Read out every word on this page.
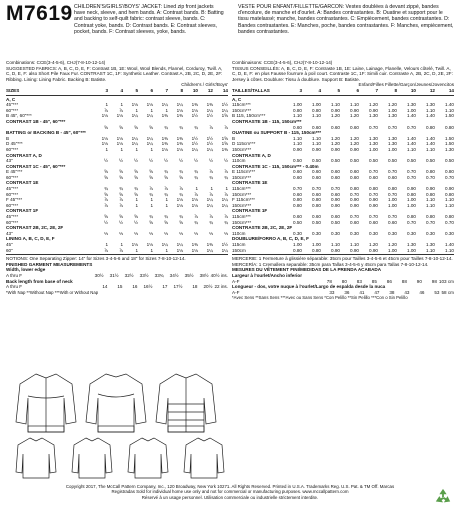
M7619 CHILDREN'S/GIRLS'/BOYS' JACKET: Lined zip front jackets have neck, sleeve, and hem bands. A: Contrast bands. B: Batting and backing to self-quilt fabric: contrast sleeve, bands. C: Contrast yoke, bands. D: Contrast bands. E: Contrast sleeves, pocket, bands. F: Contrast sleeves, yoke, bands.
VESTE POUR ENFANT/FILLETTE/GARCON: Vestes doublées à devant zippé, bandes d'encolure, de manche et d'ourlet. A: Bandes contrastantes. B: Ouatine et support pour le tissu matelassé; manche, bandes contrastantes. C: Empiècement, bandes contrastantes. D: Bandes contrastantes. E: Manches, poche, bandes contrastantes. F: Manches, empiècement, bandes contrastantes.
Combinations: CCE(3-4-5-6), CHJ(7-8-10-12-14)
SUGGESTED FABRICS: A, B, C, D, E, F: Contrast 1B, 1E: Wool, Wool Blends, Flannel, Corduroy, Twill. A, C, D, E, F: also Short Pile Faux Fur. CONTRAST 1C, 1F: Synthetic Leather. Contrast A, 2B, 2C, D, 2E, 2F: Ribbing. Lining: Lining Fabric. Backing B: Batiste.

Children's / Girls'/Boys'
SIZES	3	4	5	6	7	8	10	12	14
A, C
45"***	1	1	1⅛	1⅛	1¼	1¼	1⅜	1⅜	1½
60"***	⅞	⅞	1	1	1	1⅛	1⅛	1¼	1¼
B 45", 60"***	1⅛	1⅛	1¼	1¼	1⅜	1⅜	1½	1½	1⅝
CONTRAST 1B - 45", 60"***
⅝	⅝	⅝	⅝	¾	¾	¾	⅞	⅞
BATTING or BACKING B - 45", 60"***
B	1⅛	1⅛	1¼	1¼	1⅜	1⅜	1½	1½	1⅝
D 45"***	1⅛	1⅛	1¼	1¼	1⅜	1⅜	1½	1½	1⅝
60"***	1	1	1	1	1⅛	1⅛	1¼	1¼	1⅜
CONTRAST A, D
43"	½	½	½	½	½	½	½	½	½
CONTRAST 1C - 45", 60"***
E 45"***	⅝	⅝	⅝	⅝	¾	¾	¾	⅞	⅞
60"***	⅝	⅝	⅝	⅝	⅝	⅝	¾	¾	¾
CONTRAST 1E
45"***	¾	¾	¾	⅞	⅞	⅞	1	1	1
60"***	⅝	⅝	⅝	¾	¾	¾	⅞	⅞	⅞
F 45"***	⅞	⅞	1	1	1	1⅛	1⅛	1¼	1¼
60"***	⅞	⅞	1	1	1	1⅛	1⅛	1¼	1¼
CONTRAST 1F
45"***	⅝	⅝	⅝	¾	¾	¾	⅞	⅞	⅞
60"***	½	½	½	⅝	⅝	⅝	¾	¾	¾
CONTRAST 2B, 2C, 2E, 2F
43"	⅓	⅓	⅓	⅓	⅓	⅓	⅓	⅓	⅓
LINING A, B, C, D, E, F
45"	1	1	1⅛	1⅛	1¼	1¼	1⅜	1⅜	1½
60"	⅞	⅞	1	1	1	1⅛	1⅛	1¼	1¼
NOTIONS: One Separating Zipper: 14" for Sizes 3-4-5-6 and 18" for Sizes 7-8-10-12-14.
FINISHED GARMENT MEASUREMENTS
Width, lower edge
A thru F	30½	31½	32½	33½	33¾	34½	35½	38½ 40½ ins.
Back length from base of neck
A thru F	14	15	16	16½	17	17½	18	20½ 22 ins.
*With Nap **Without Nap ***With or Without Nap
Combinaisons: CCE(3-4-5-6), CHJ(7-8-10-12-14)
TISSUS CONSEILLÉS: A, B, C, D, E, F: Contraste 1B, 1E: Laine, Lainage, Flanelle, Velours côtelé, Twill. A, C, D, E, F: en plus Fausse fourrure à poil court. Contraste 1C, 1F: Simili cuir. Contraste A, 2B, 2C, D, 2E, 2F: Jersey à côtes. Doublure: Tissu à doublure. Support B: Batiste.

Enfant/Filles Fillette/Garçon/Jeunes/Jovencitos
TAILLES/TALLAS	3	4	5	6	7	8	10	12	14
A, C
115cm***	1.00	1.00	1.10	1.10	1.20	1.20	1.30	1.30	1.40
150cm***	0.80	0.80	0.90	0.90	0.90	1.00	1.00	1.10	1.10
B 115, 150cm***	1.10	1.10	1.20	1.20	1.30	1.30	1.40	1.40	1.50
CONTRASTE 1B - 115, 150cm***
0.60	0.60	0.60	0.60	0.70	0.70	0.70	0.80	0.80
OUATINE ou SUPPORT B - 115, 150cm***
B	1.10	1.10	1.20	1.20	1.30	1.30	1.40	1.40	1.50
D 115cm***	1.10	1.10	1.20	1.20	1.30	1.30	1.40	1.40	1.50
150cm***	0.90	0.90	0.90	0.90	1.00	1.00	1.10	1.10	1.30
CONTRASTE A, D
110cm	0.50	0.50	0.50	0.50	0.50	0.50	0.50	0.50	0.50
CONTRASTE 1C - 115, 150cm*** - 0.40m
E 115cm***	0.60	0.60	0.60	0.60	0.70	0.70	0.70	0.80	0.80
150cm***	0.60	0.60	0.60	0.60	0.60	0.60	0.70	0.70	0.70
CONTRASTE 1E
115cm***	0.70	0.70	0.70	0.80	0.80	0.80	0.90	0.90	0.90
150cm***	0.60	0.60	0.60	0.70	0.70	0.70	0.80	0.80	0.80
F 115cm***	0.80	0.80	0.90	0.90	0.90	1.00	1.00	1.10	1.10
150cm***	0.80	0.80	0.90	0.90	0.90	1.00	1.00	1.10	1.10
CONTRASTE 1F
115cm***	0.60	0.60	0.60	0.70	0.70	0.70	0.80	0.80	0.80
150cm***	0.50	0.50	0.50	0.60	0.60	0.60	0.70	0.70	0.70
CONTRASTE 2B, 2C, 2E, 2F
110cm	0.30	0.30	0.30	0.30	0.30	0.30	0.30	0.30	0.30
DOUBLURE/FORRO A, B, C, D, E, F
115cm	1.00	1.00	1.10	1.10	1.20	1.20	1.30	1.30	1.40
150cm	0.80	0.80	0.90	0.90	0.90	1.00	1.00	1.10	1.10
MERCERIE: 1 Fermeture à glissière séparable: 35cm pour Tailles 3-4-5-6 et 45cm pour Tailles 7-8-10-12-14.
MERCERÍA: 1 Cremallera separable: 35cm para Tallas 3-4-5-6 y 45cm para Tallas 7-8-10-12-14.
MESURES DU VÊTEMENT FINI/MEDIDAS DE LA PRENDA ACABADA
Largeur à l'ourlet/Ancho inferior
A-F	78	80	83	85	86	88	90	98 103 cm
Longueur - dos, votre nuque à l'ourlet/Largo de espalda desde la nuca
A-F	33	36	41	47	38	43	46	53 58 cm
*Avec Sens **Sans Sens ***Avec ou Sans Sens *Con Pelillo **Sin Pelillo ***Con o Sin Pelillo
Copyright 2017, The McCall Pattern Company, Inc., 120 Broadway, New York 10271. All Rights Reserved. Printed in U.S.A. Trademarks Reg. U.S. Pat. & TM Off. Marcas
Registradas Sold for individual home use only and not for commercial or manufacturing purposes. www.mccallpattern.com
Réservé à un usage personnel. Utilisation commerciale ou industrielle strictement interdite.
